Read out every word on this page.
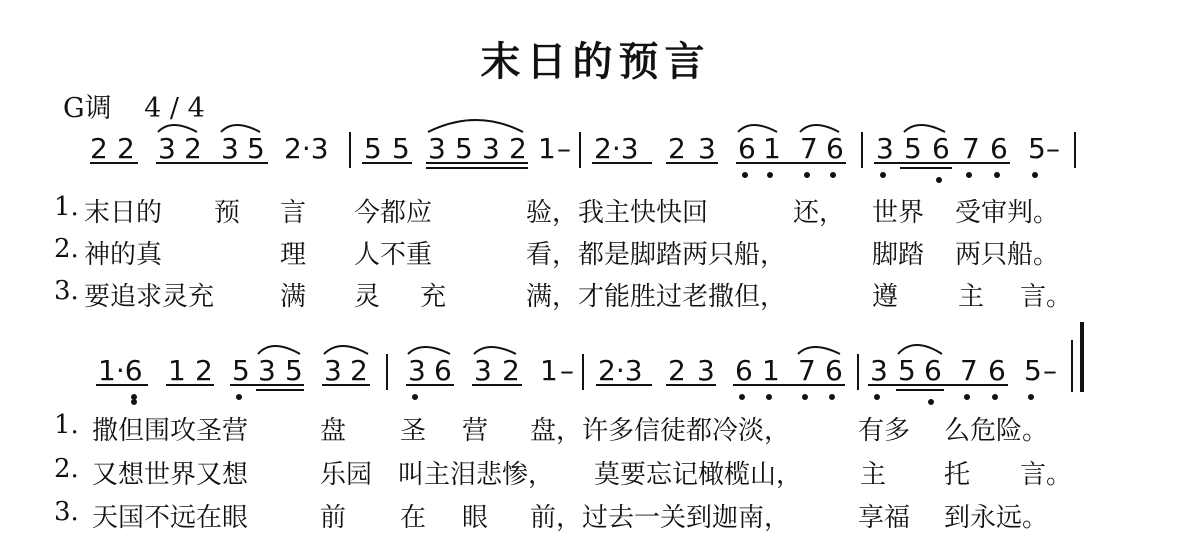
末日的预言
G调 4 / 4
2 2 3 2 3 5 2·3 5 5 3 5 3 2 1 – 2·3 2 3 6 1 7 6 3 5 6 7 6 5 –
1·6 1 2 5 3 5 3 2 3 6 3 2 1 – 2·3 2 3 6 1 7 6 3 5 6 7 6 5 –
1. 末日的 预 言 今都应	验，我主快快回	还， 世界 受审判。
2. 神的真	理 人不重	看，都是脚踏两只船，	脚踏 两只船。
3. 要追求灵充	满 灵 充	满，才能胜过老撒但，	遵 主 言。
1. 撒但围攻圣营	盘 圣 营 盘，许多信徒都冷淡，	有多 么危险。
2. 又想世界又想	乐园 叫主泪悲惨， 莫要忘记橄榄山， 主 托 言。
3. 天国不远在眼	前 在 眼 前，过去一关到迦南，	享福 到永远。
